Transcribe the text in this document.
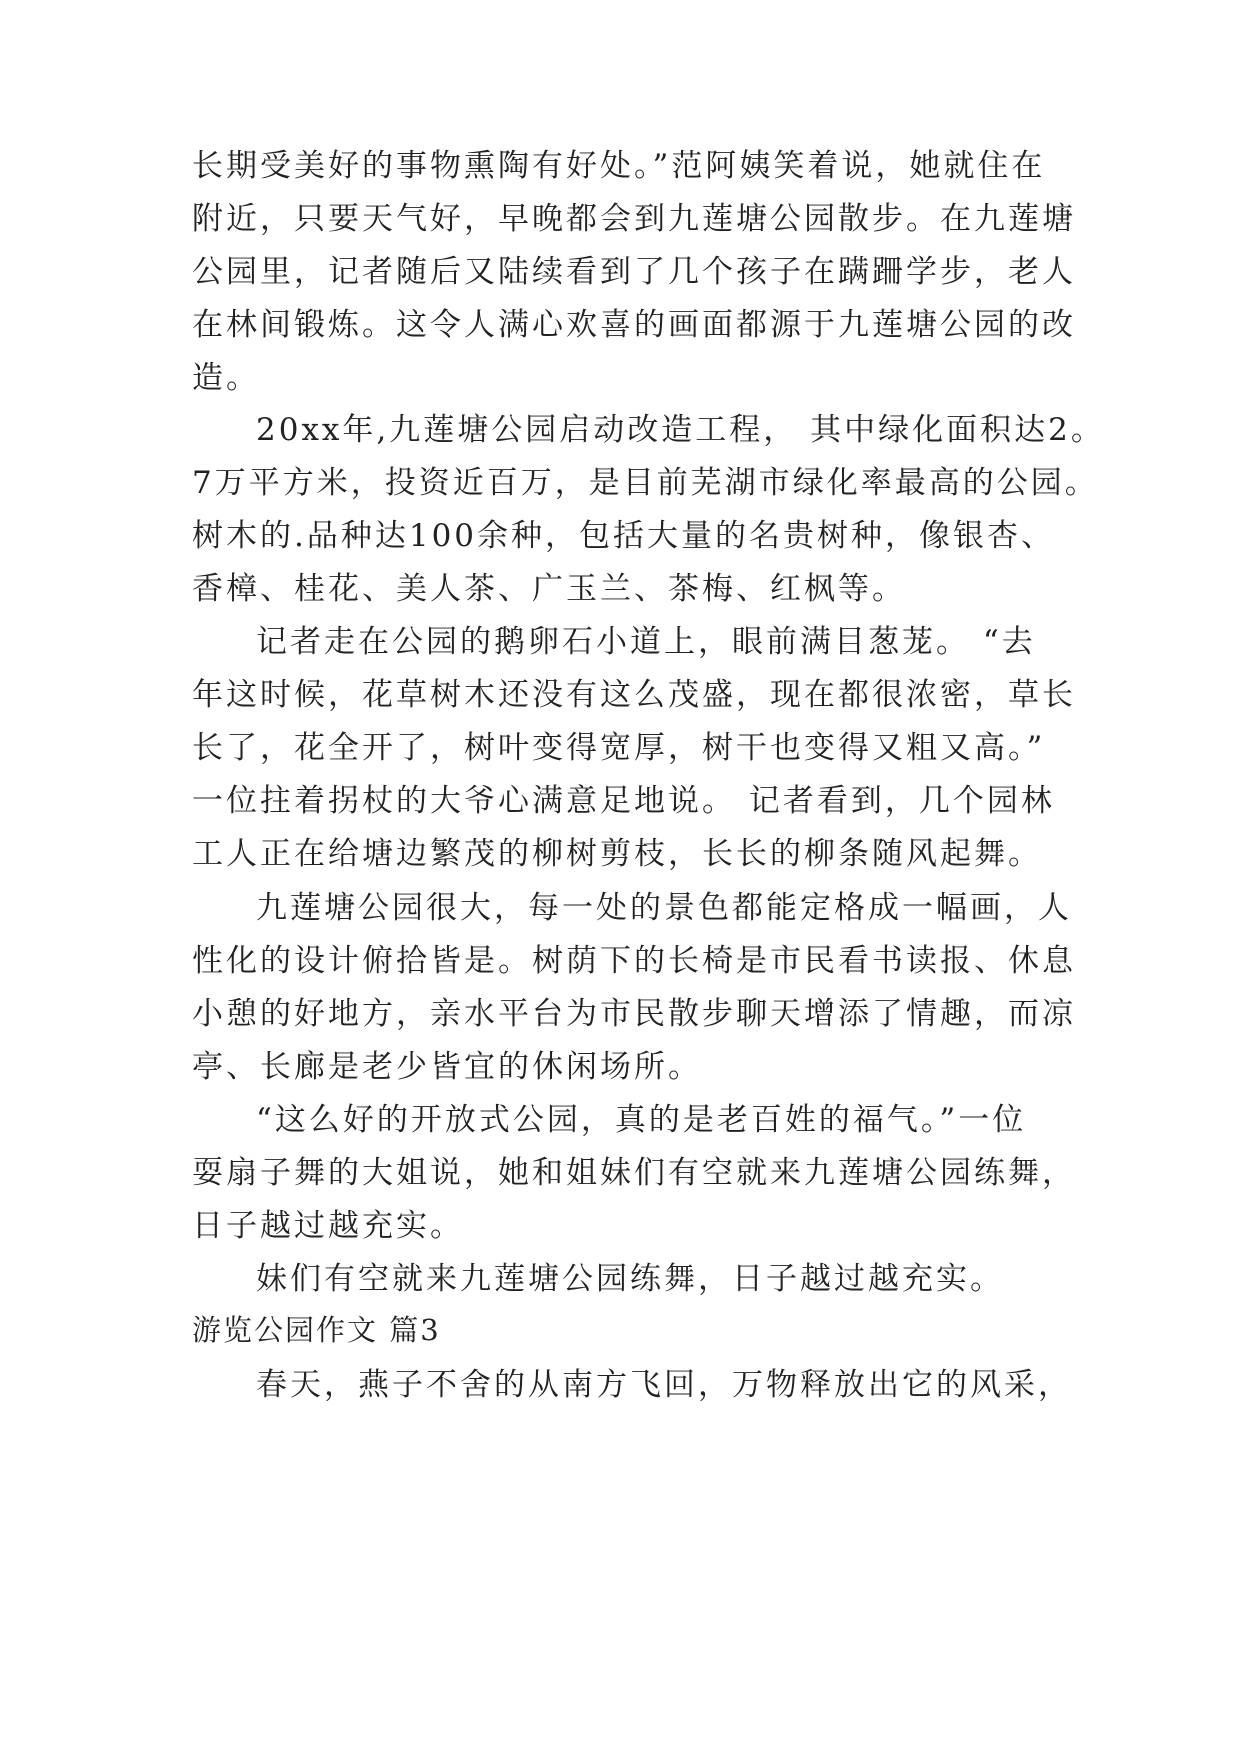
长期受美好的事物熏陶有好处。”范阿姨笑着说，她就住在
附近，只要天气好，早晚都会到九莲塘公园散步。在九莲塘
公园里，记者随后又陆续看到了几个孩子在蹒跚学步，老人
在林间锻炼。这令人满心欢喜的画面都源于九莲塘公园的改
造。
20xx年,九莲塘公园启动改造工程， 其中绿化面积达2。
7万平方米，投资近百万，是目前芜湖市绿化率最高的公园。
树木的.品种达100余种，包括大量的名贵树种，像银杏、
香樟、桂花、美人茶、广玉兰、茶梅、红枫等。
记者走在公园的鹅卵石小道上，眼前满目葱茏。 “去
年这时候，花草树木还没有这么茂盛，现在都很浓密，草长
长了，花全开了，树叶变得宽厚，树干也变得又粗又高。”
一位拄着拐杖的大爷心满意足地说。 记者看到，几个园林
工人正在给塘边繁茂的柳树剪枝，长长的柳条随风起舞。
九莲塘公园很大，每一处的景色都能定格成一幅画，人
性化的设计俯拾皆是。树荫下的长椅是市民看书读报、休息
小憩的好地方，亲水平台为市民散步聊天增添了情趣，而凉
亭、长廊是老少皆宜的休闲场所。
“这么好的开放式公园，真的是老百姓的福气。”一位
耍扇子舞的大姐说，她和姐妹们有空就来九莲塘公园练舞，
日子越过越充实。
妹们有空就来九莲塘公园练舞，日子越过越充实。
游览公园作文 篇3
春天，燕子不舍的从南方飞回，万物释放出它的风采，
